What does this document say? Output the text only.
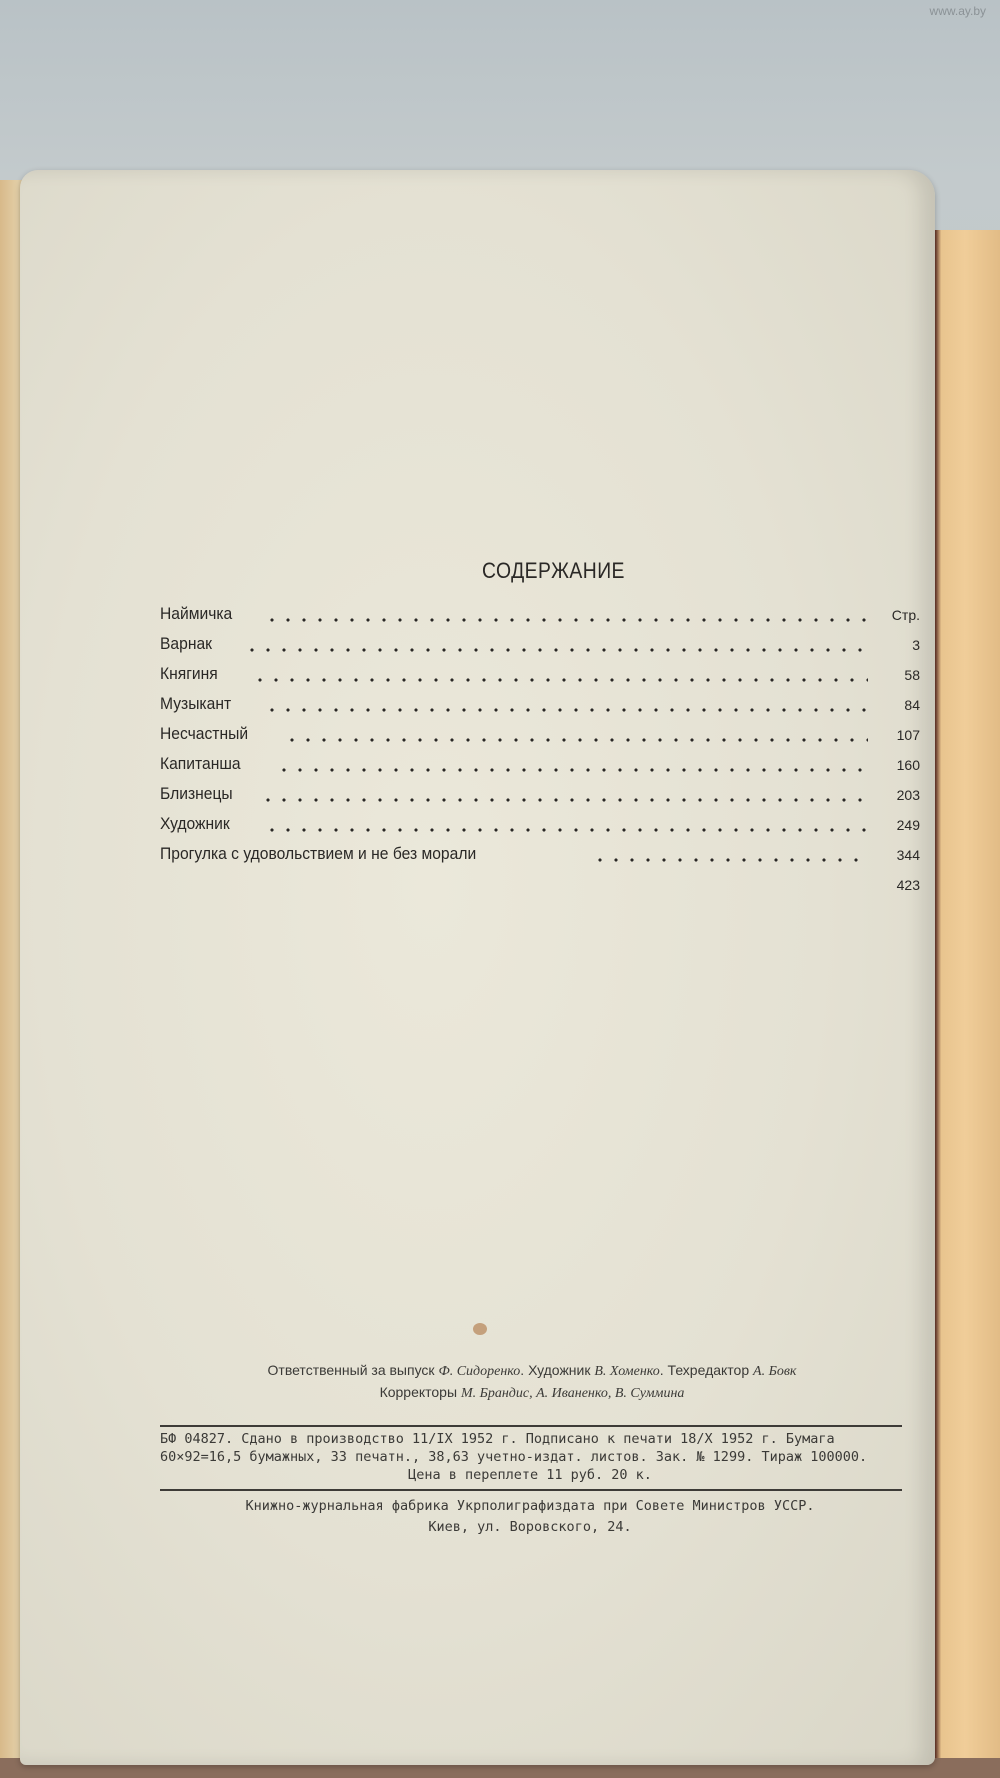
www.ay.by
СОДЕРЖАНИЕ
Наймичка	Стр.
Варнак	3
Княгиня	58
Музыкант	84
Несчастный	107
Капитанша	160
Близнецы	203
Художник	249
Прогулка с удовольствием и не без морали	344
423
Ответственный за выпуск Ф. Сидоренко. Художник В. Хоменко. Техредактор А. Бовк
Корректоры М. Брандис, А. Иваненко, В. Суммина
БФ 04827. Сдано в производство 11/IX 1952 г. Подписано к печати 18/X 1952 г. Бумага
60×92=16,5 бумажных, 33 печатн., 38,63 учетно-издат. листов. Зак. № 1299. Тираж 100000.
Цена в переплете 11 руб. 20 к.
Книжно-журнальная фабрика Укрполиграфиздата при Совете Министров УССР.
Киев, ул. Воровского, 24.
